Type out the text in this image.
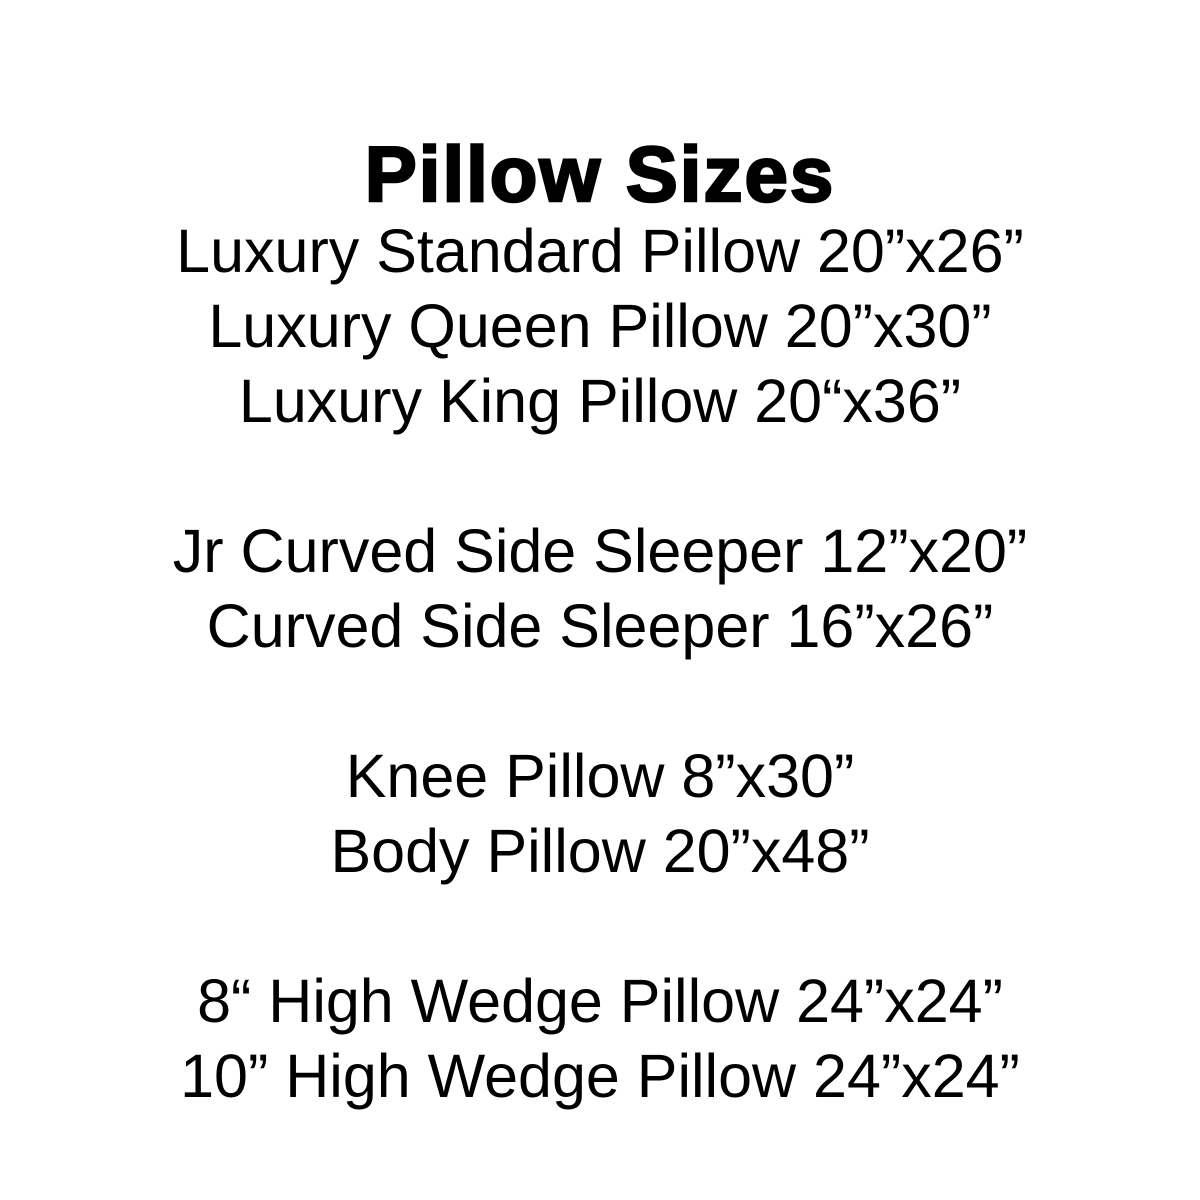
Pillow Sizes
Luxury Standard Pillow 20”x26”
Luxury Queen Pillow 20”x30”
Luxury King Pillow 20“x36”
Jr Curved Side Sleeper 12”x20”
Curved Side Sleeper 16”x26”
Knee Pillow 8”x30”
Body Pillow 20”x48”
8“ High Wedge Pillow 24”x24”
10” High Wedge Pillow 24”x24”
